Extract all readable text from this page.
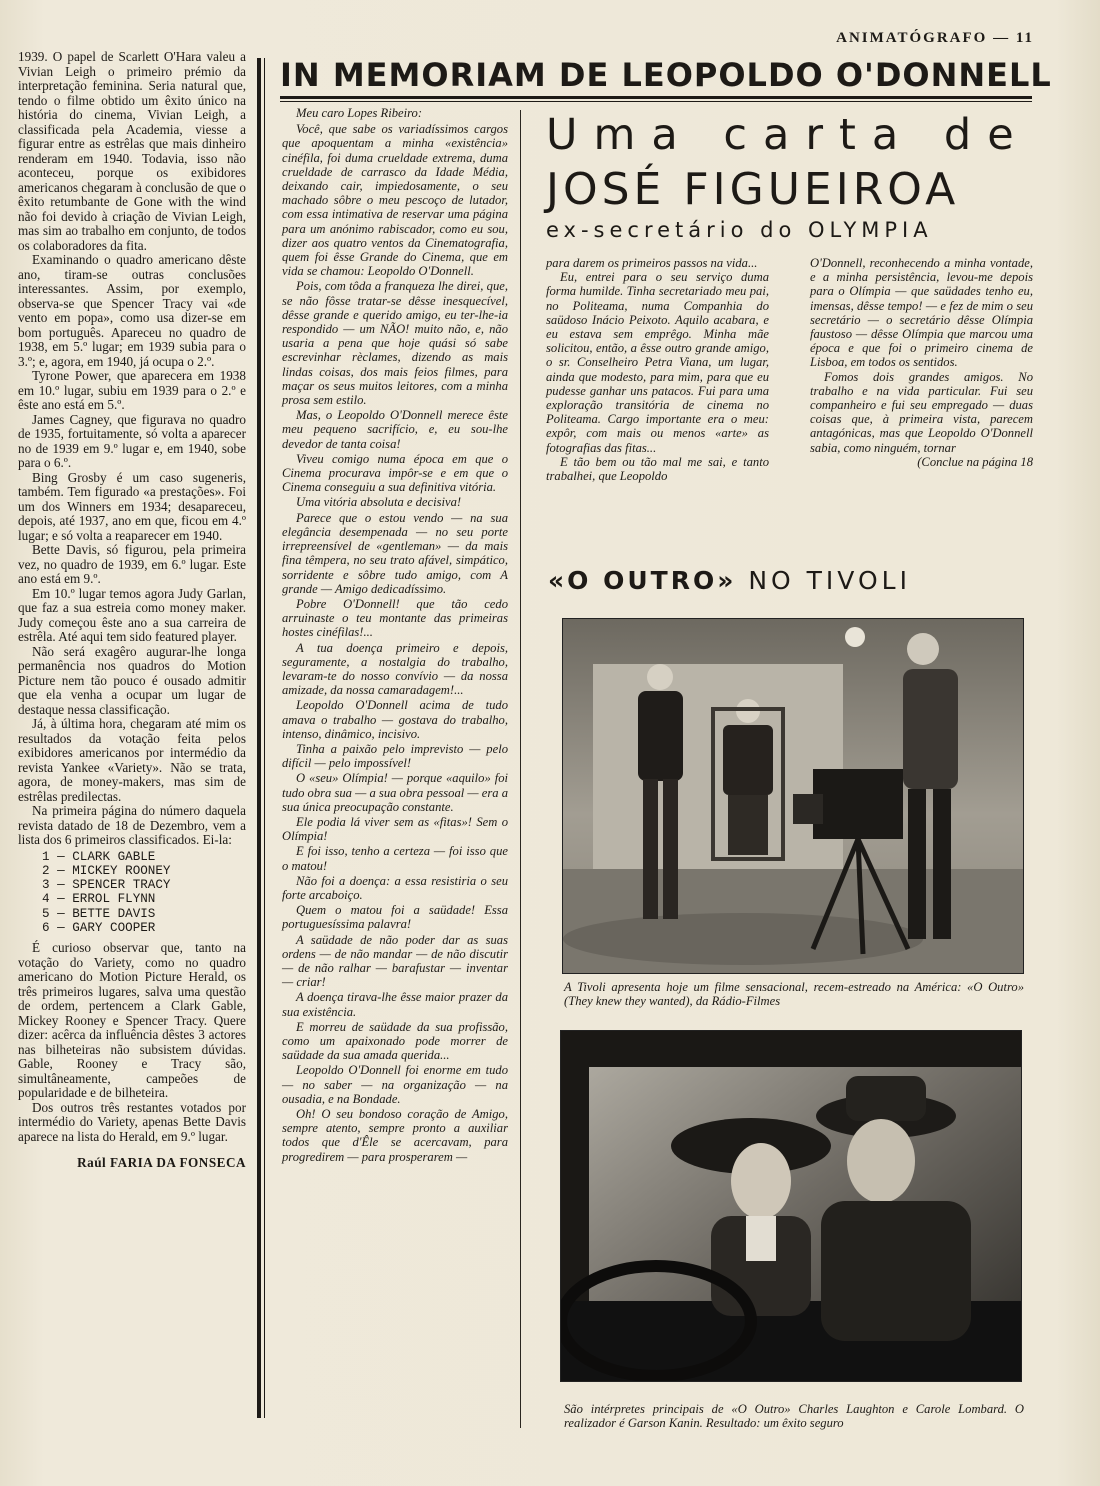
ANIMATÓGRAFO — 11

1939. O papel de Scarlett O'Hara valeu a Vivian Leigh o primeiro prémio da interpretação feminina. Seria natural que, tendo o filme obtido um êxito único na história do cinema, Vivian Leigh, a classificada pela Academia, viesse a figurar entre as estrêlas que mais dinheiro renderam em 1940. Todavia, isso não aconteceu, porque os exibidores americanos chegaram à conclusão de que o êxito retumbante de Gone with the wind não foi devido à criação de Vivian Leigh, mas sim ao trabalho em conjunto, de todos os colaboradores da fita.

Examinando o quadro americano dêste ano, tiram-se outras conclusões interessantes. Assim, por exemplo, observa-se que Spencer Tracy vai «de vento em popa», como usa dizer-se em bom português. Apareceu no quadro de 1938, em 5.º lugar; em 1939 subia para o 3.º; e, agora, em 1940, já ocupa o 2.º.

Tyrone Power, que aparecera em 1938 em 10.º lugar, subiu em 1939 para o 2.º e êste ano está em 5.º.

James Cagney, que figurava no quadro de 1935, fortuitamente, só volta a aparecer no de 1939 em 9.º lugar e, em 1940, sobe para o 6.º.

Bing Grosby é um caso sugeneris, também. Tem figurado «a prestações». Foi um dos Winners em 1934; desapareceu, depois, até 1937, ano em que, ficou em 4.º lugar; e só volta a reaparecer em 1940.

Bette Davis, só figurou, pela primeira vez, no quadro de 1939, em 6.º lugar. Este ano está em 9.º.

Em 10.º lugar temos agora Judy Garlan, que faz a sua estreia como money maker. Judy começou êste ano a sua carreira de estrêla. Até aqui tem sido featured player.

Não será exagêro augurar-lhe longa permanência nos quadros do Motion Picture nem tão pouco é ousado admitir que ela venha a ocupar um lugar de destaque nessa classificação.

Já, à última hora, chegaram até mim os resultados da votação feita pelos exibidores americanos por intermédio da revista Yankee «Variety». Não se trata, agora, de money-makers, mas sim de estrêlas predilectas.

Na primeira página do número daquela revista datado de 18 de Dezembro, vem a lista dos 6 primeiros classificados. Ei-la:

1 — CLARK GABLE
2 — MICKEY ROONEY
3 — SPENCER TRACY
4 — ERROL FLYNN
5 — BETTE DAVIS
6 — GARY COOPER

É curioso observar que, tanto na votação do Variety, como no quadro americano do Motion Picture Herald, os três primeiros lugares, salva uma questão de ordem, pertencem a Clark Gable, Mickey Rooney e Spencer Tracy. Quere dizer: acêrca da influência dêstes 3 actores nas bilheteiras não subsistem dúvidas. Gable, Rooney e Tracy são, simultâneamente, campeões de popularidade e de bilheteira.

Dos outros três restantes votados por intermédio do Variety, apenas Bette Davis aparece na lista do Herald, em 9.º lugar.

Raúl FARIA DA FONSECA

IN MEMORIAM DE LEOPOLDO O'DONNELL

Meu caro Lopes Ribeiro:

Você, que sabe os variadíssimos cargos que apoquentam a minha «existência» cinéfila, foi duma crueldade extrema, duma crueldade de carrasco da Idade Média, deixando cair, impiedosamente, o seu machado sôbre o meu pescoço de lutador, com essa intimativa de reservar uma página para um anónimo rabiscador, como eu sou, dizer aos quatro ventos da Cinematografia, quem foi êsse Grande do Cinema, que em vida se chamou: Leopoldo O'Donnell.

Pois, com tôda a franqueza lhe direi, que, se não fôsse tratar-se dêsse inesquecível, dêsse grande e querido amigo, eu ter-lhe-ia respondido — um NÃO! muito não, e, não usaria a pena que hoje quási só sabe escrevinhar rèclames, dizendo as mais lindas coisas, dos mais feios filmes, para maçar os seus muitos leitores, com a minha prosa sem estilo.

Mas, o Leopoldo O'Donnell merece êste meu pequeno sacrifício, e, eu sou-lhe devedor de tanta coisa!

Viveu comigo numa época em que o Cinema procurava impôr-se e em que o Cinema conseguiu a sua definitiva vitória.

Uma vitória absoluta e decisiva!

Parece que o estou vendo — na sua elegância desempenada — no seu porte irrepreensível de «gentleman» — da mais fina têmpera, no seu trato afável, simpático, sorridente e sôbre tudo amigo, com A grande — Amigo dedicadíssimo.

Pobre O'Donnell! que tão cedo arruinaste o teu montante das primeiras hostes cinéfilas!...

A tua doença primeiro e depois, seguramente, a nostalgia do trabalho, levaram-te do nosso convívio — da nossa amizade, da nossa camaradagem!...

Leopoldo O'Donnell acima de tudo amava o trabalho — gostava do trabalho, intenso, dinâmico, incisivo.

Tinha a paixão pelo imprevisto — pelo difícil — pelo impossível!

O «seu» Olímpia! — porque «aquilo» foi tudo obra sua — a sua obra pessoal — era a sua única preocupação constante.

Ele podia lá viver sem as «fitas»! Sem o Olímpia!

E foi isso, tenho a certeza — foi isso que o matou!

Não foi a doença: a essa resistiria o seu forte arcaboiço.

Quem o matou foi a saüdade! Essa portuguesíssima palavra!

A saüdade de não poder dar as suas ordens — de não mandar — de não discutir — de não ralhar — barafustar — inventar — criar!

A doença tirava-lhe êsse maior prazer da sua existência.

E morreu de saüdade da sua profissão, como um apaixonado pode morrer de saüdade da sua amada querida...

Leopoldo O'Donnell foi enorme em tudo — no saber — na organização — na ousadia, e na Bondade.

Oh! O seu bondoso coração de Amigo, sempre atento, sempre pronto a auxiliar todos que d'Êle se acercavam, para progredirem — para prosperarem —

Uma carta de
JOSÉ FIGUEIROA
ex-secretário do OLYMPIA

para darem os primeiros passos na vida...

Eu, entrei para o seu serviço duma forma humilde. Tinha secretariado meu pai, no Politeama, numa Companhia do saüdoso Inácio Peixoto. Aquilo acabara, e eu estava sem emprêgo. Minha mãe solicitou, então, a êsse outro grande amigo, o sr. Conselheiro Petra Viana, um lugar, ainda que modesto, para mim, para que eu pudesse ganhar uns patacos. Fui para uma exploração transitória de cinema no Politeama. Cargo importante era o meu: expôr, com mais ou menos «arte» as fotografias das fitas...

E tão bem ou tão mal me sai, e tanto trabalhei, que Leopoldo

O'Donnell, reconhecendo a minha vontade, e a minha persistência, levou-me depois para o Olímpia — que saüdades tenho eu, imensas, dêsse tempo! — e fez de mim o seu secretário — o secretário dêsse Olímpia faustoso — dêsse Olímpia que marcou uma época e que foi o primeiro cinema de Lisboa, em todos os sentidos.

Fomos dois grandes amigos. No trabalho e na vida particular. Fui seu companheiro e fui seu empregado — duas coisas que, à primeira vista, parecem antagónicas, mas que Leopoldo O'Donnell sabia, como ninguém, tornar

(Conclue na página 18

«O OUTRO» NO TIVOLI
A Tivoli apresenta hoje um filme sensacional, recem-estreado na América: «O Outro» (They knew they wanted), da Rádio-Filmes
São intérpretes principais de «O Outro» Charles Laughton e Carole Lombard. O realizador é Garson Kanin. Resultado: um êxito seguro
